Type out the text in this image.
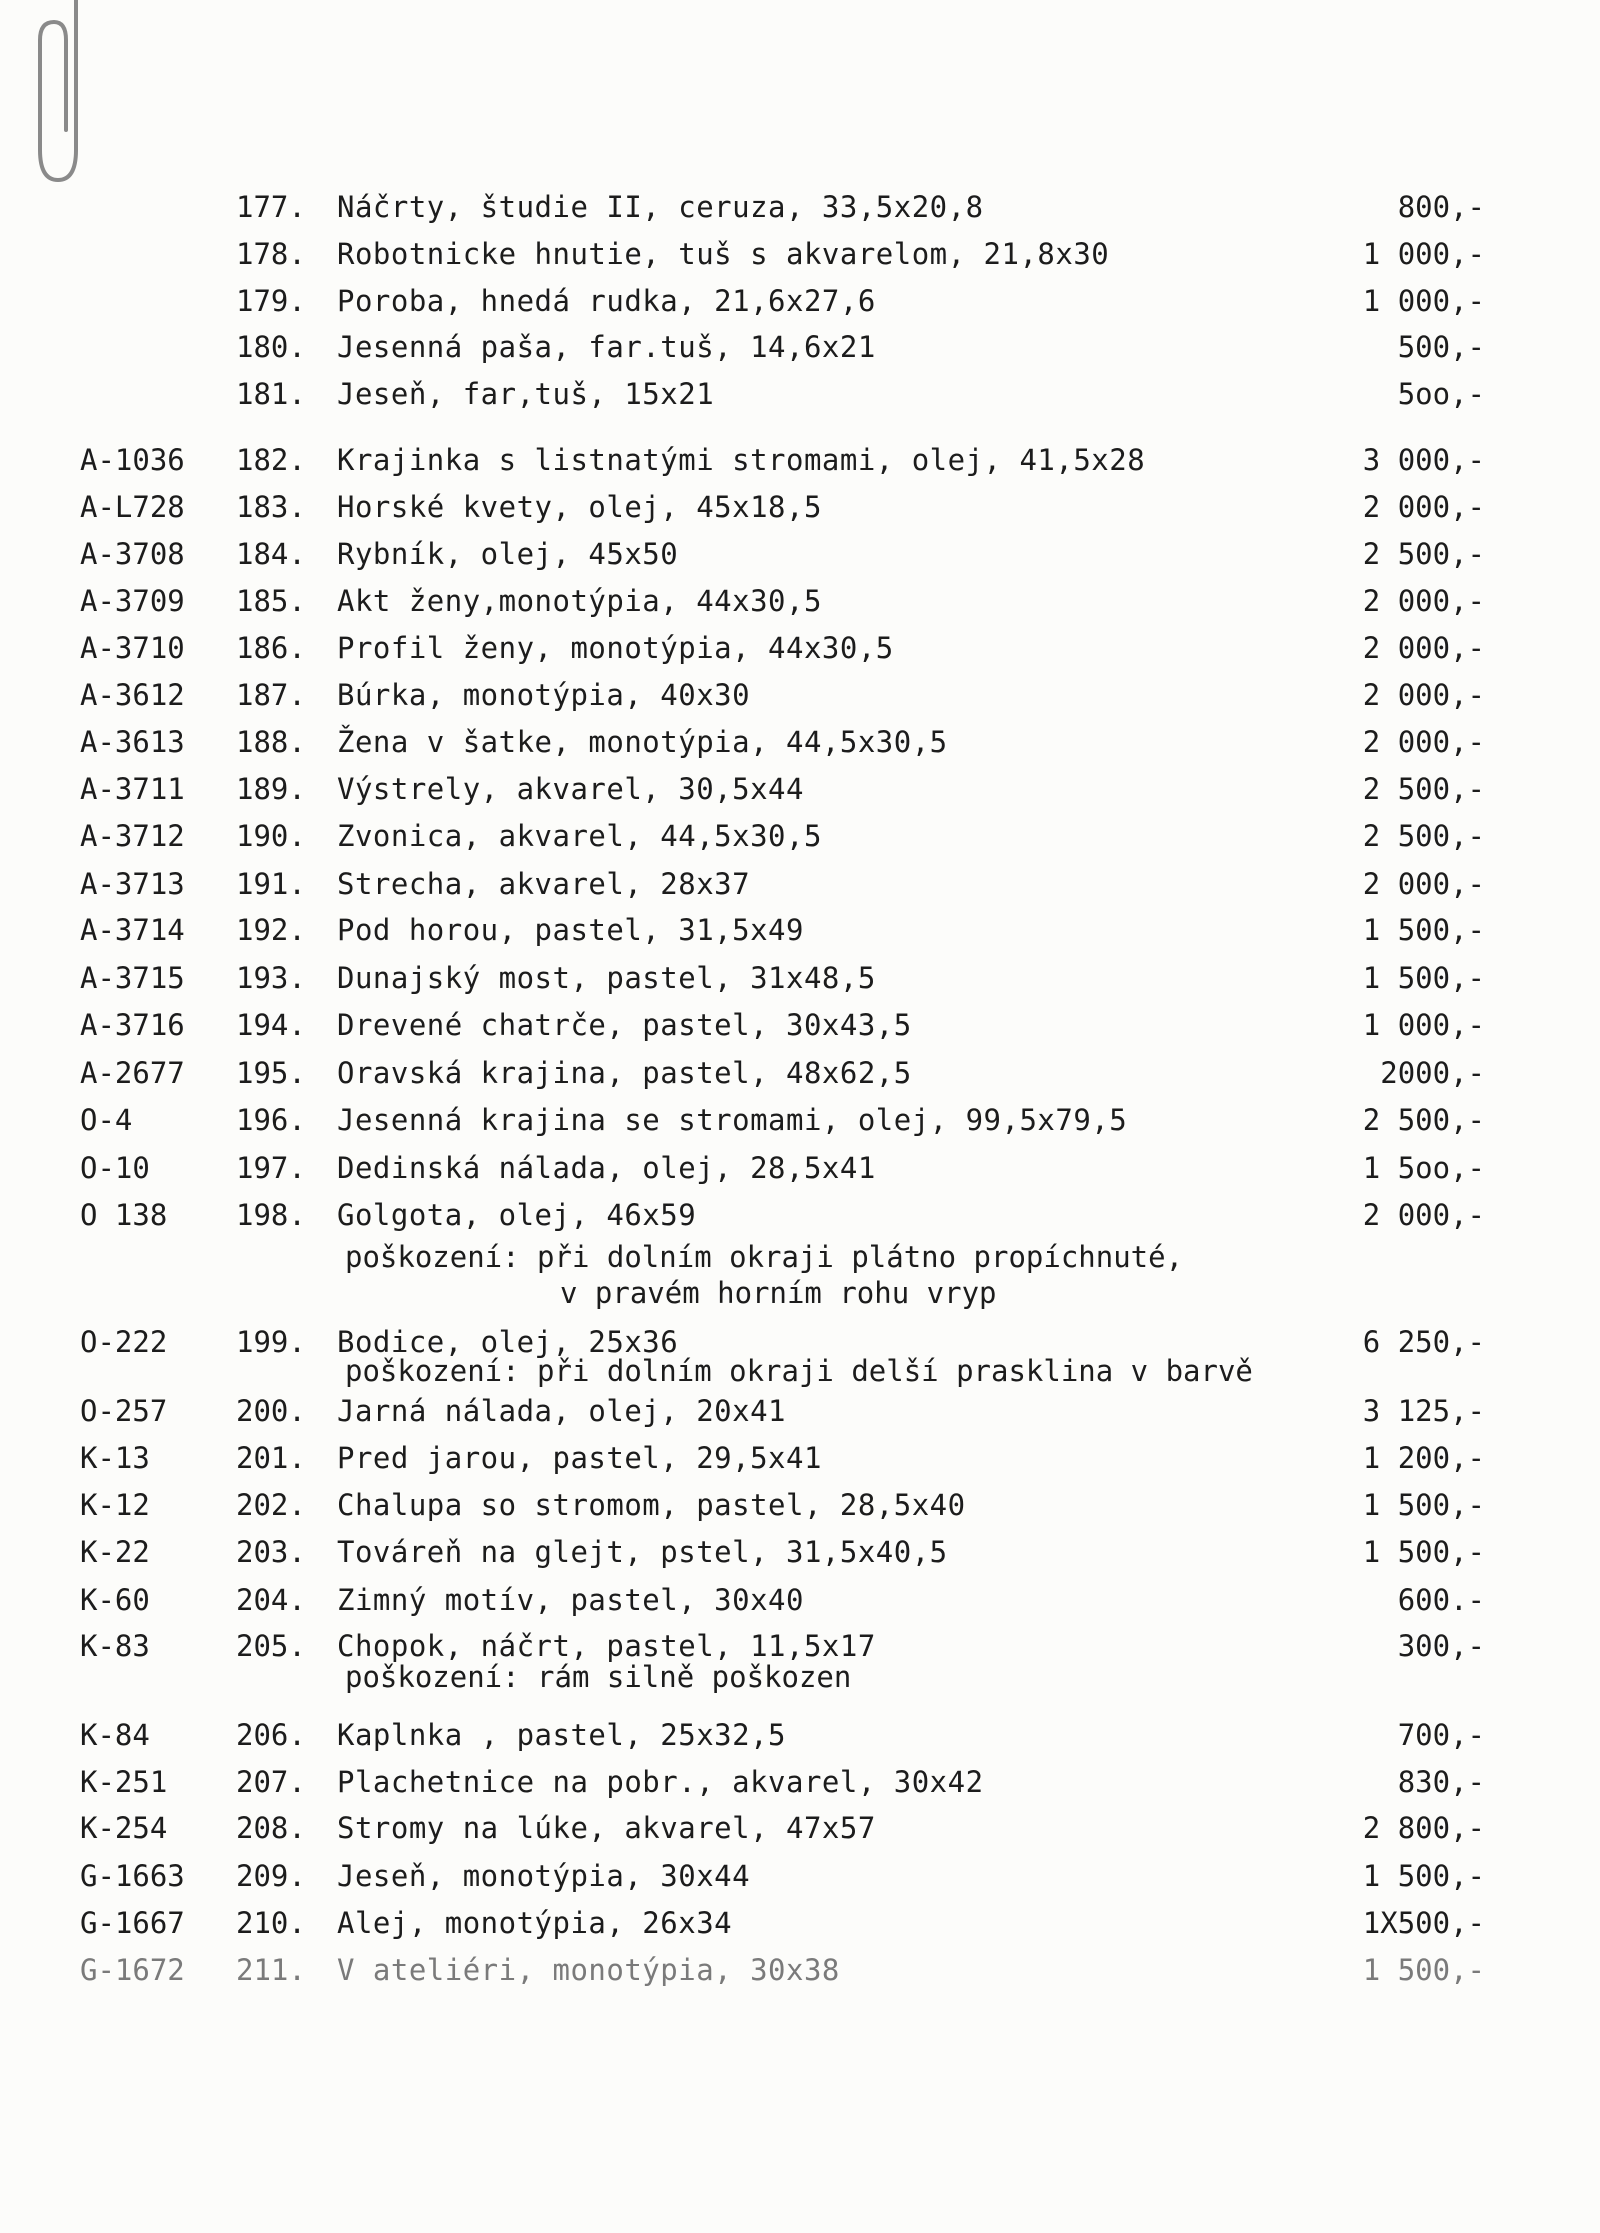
177.	Náčrty, študie II, ceruza, 33,5x20,8	800,-
178.	Robotnicke hnutie, tuš s akvarelom, 21,8x30	1 000,-
179.	Poroba, hnedá rudka, 21,6x27,6	1 000,-
180.	Jesenná paša, far.tuš, 14,6x21	500,-
181.	Jeseň, far,tuš, 15x21	5oo,-
A-1036	182.	Krajinka s listnatými stromami, olej, 41,5x28	3 000,-
A-L728	183.	Horské kvety, olej, 45x18,5	2 000,-
A-3708	184.	Rybník, olej, 45x50	2 500,-
A-3709	185.	Akt ženy,monotýpia, 44x30,5	2 000,-
A-3710	186.	Profil ženy, monotýpia, 44x30,5	2 000,-
A-3612	187.	Búrka, monotýpia, 40x30	2 000,-
A-3613	188.	Žena v šatke, monotýpia, 44,5x30,5	2 000,-
A-3711	189.	Výstrely, akvarel, 30,5x44	2 500,-
A-3712	190.	Zvonica, akvarel, 44,5x30,5	2 500,-
A-3713	191.	Strecha, akvarel, 28x37	2 000,-
A-3714	192.	Pod horou, pastel, 31,5x49	1 500,-
A-3715	193.	Dunajský most, pastel, 31x48,5	1 500,-
A-3716	194.	Drevené chatrče, pastel, 30x43,5	1 000,-
A-2677	195.	Oravská krajina, pastel, 48x62,5	2000,-
O-4	196.	Jesenná krajina se stromami, olej, 99,5x79,5	2 500,-
O-10	197.	Dedinská nálada, olej, 28,5x41	1 5oo,-
O 138	198.	Golgota, olej, 46x59	2 000,-
poškození: při dolním okraji plátno propíchnuté,
v pravém horním rohu vryp
O-222	199.	Bodice, olej, 25x36	6 250,-
poškození: při dolním okraji delší prasklina v barvě
O-257	200.	Jarná nálada, olej, 20x41	3 125,-
K-13	201.	Pred jarou, pastel, 29,5x41	1 200,-
K-12	202.	Chalupa so stromom, pastel, 28,5x40	1 500,-
K-22	203.	Továreň na glejt, pstel, 31,5x40,5	1 500,-
K-60	204.	Zimný motív, pastel, 30x40	600.-
K-83	205.	Chopok, náčrt, pastel, 11,5x17	300,-
poškození: rám silně poškozen
K-84	206.	Kaplnka , pastel, 25x32,5	700,-
K-251	207.	Plachetnice na pobr., akvarel, 30x42	830,-
K-254	208.	Stromy na lúke, akvarel, 47x57	2 800,-
G-1663	209.	Jeseň, monotýpia, 30x44	1 500,-
G-1667	210.	Alej, monotýpia, 26x34	1X500,-
G-1672	211.	V ateliéri, monotýpia, 30x38	1 500,-
